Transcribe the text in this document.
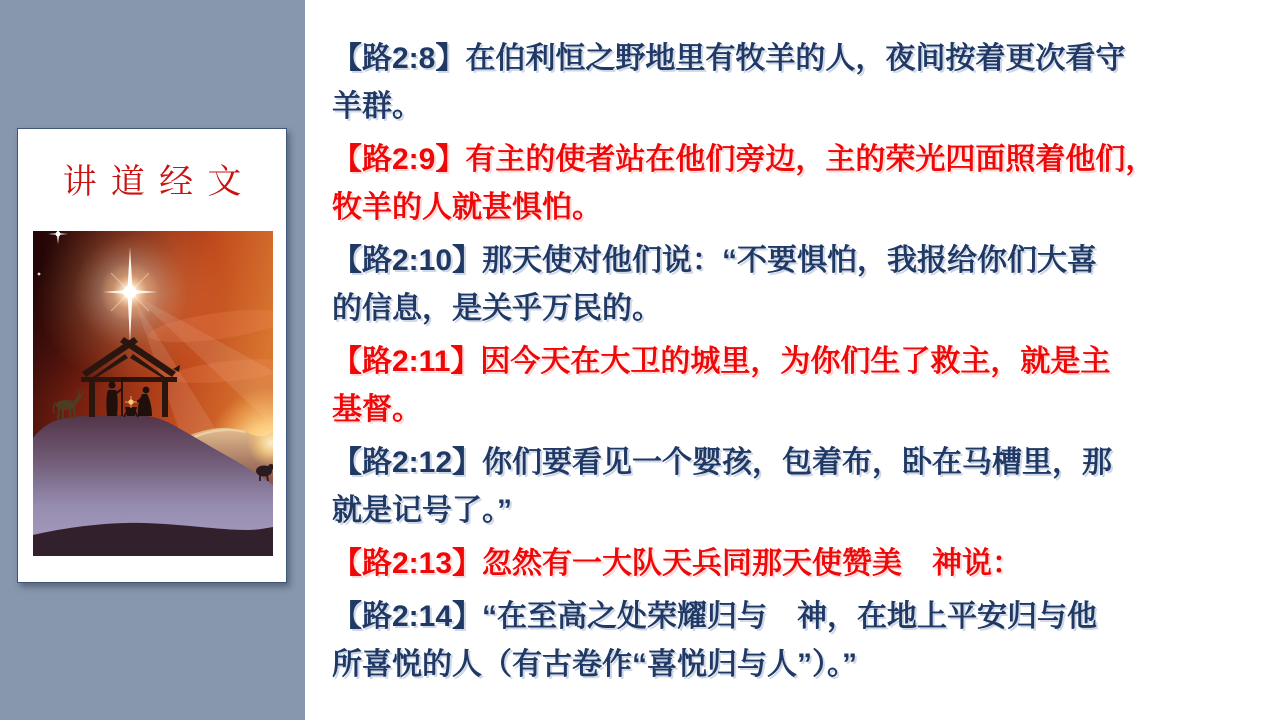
讲道经文

【路2:8】在伯利恒之野地里有牧羊的人，夜间按着更次看守
羊群。

【路2:9】有主的使者站在他们旁边，主的荣光四面照着他们，
牧羊的人就甚惧怕。

【路2:10】那天使对他们说：“不要惧怕，我报给你们大喜
的信息，是关乎万民的。

【路2:11】因今天在大卫的城里，为你们生了救主，就是主
基督。

【路2:12】你们要看见一个婴孩，包着布，卧在马槽里，那
就是记号了。”

【路2:13】忽然有一大队天兵同那天使赞美　神说：

【路2:14】“在至高之处荣耀归与　神，在地上平安归与他
所喜悦的人（有古卷作“喜悦归与人”）。”
